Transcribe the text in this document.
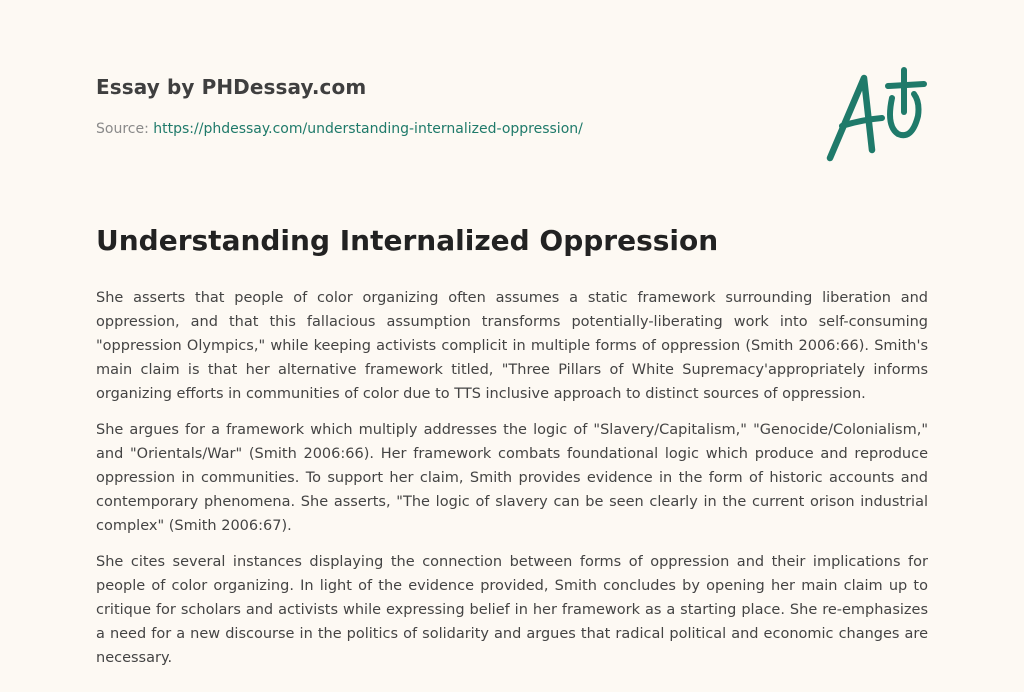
Essay by PHDessay.com
Source: https://phdessay.com/understanding-internalized-oppression/
Understanding Internalized Oppression

She asserts that people of color organizing often assumes a static framework surrounding liberation and oppression, and that this fallacious assumption transforms potentially-liberating work into self-consuming "oppression Olympics," while keeping activists complicit in multiple forms of oppression (Smith 2006:66). Smith's main claim is that her alternative framework titled, "Three Pillars of White Supremacy'appropriately informs organizing efforts in communities of color due to TTS inclusive approach to distinct sources of oppression.

She argues for a framework which multiply addresses the logic of "Slavery/Capitalism," "Genocide/Colonialism," and "Orientals/War" (Smith 2006:66). Her framework combats foundational logic which produce and reproduce oppression in communities. To support her claim, Smith provides evidence in the form of historic accounts and contemporary phenomena. She asserts, "The logic of slavery can be seen clearly in the current orison industrial complex" (Smith 2006:67).

She cites several instances displaying the connection between forms of oppression and their implications for people of color organizing. In light of the evidence provided, Smith concludes by opening her main claim up to critique for scholars and activists while expressing belief in her framework as a starting place. She re-emphasizes a need for a new discourse in the politics of solidarity and argues that radical political and economic changes are necessary.
